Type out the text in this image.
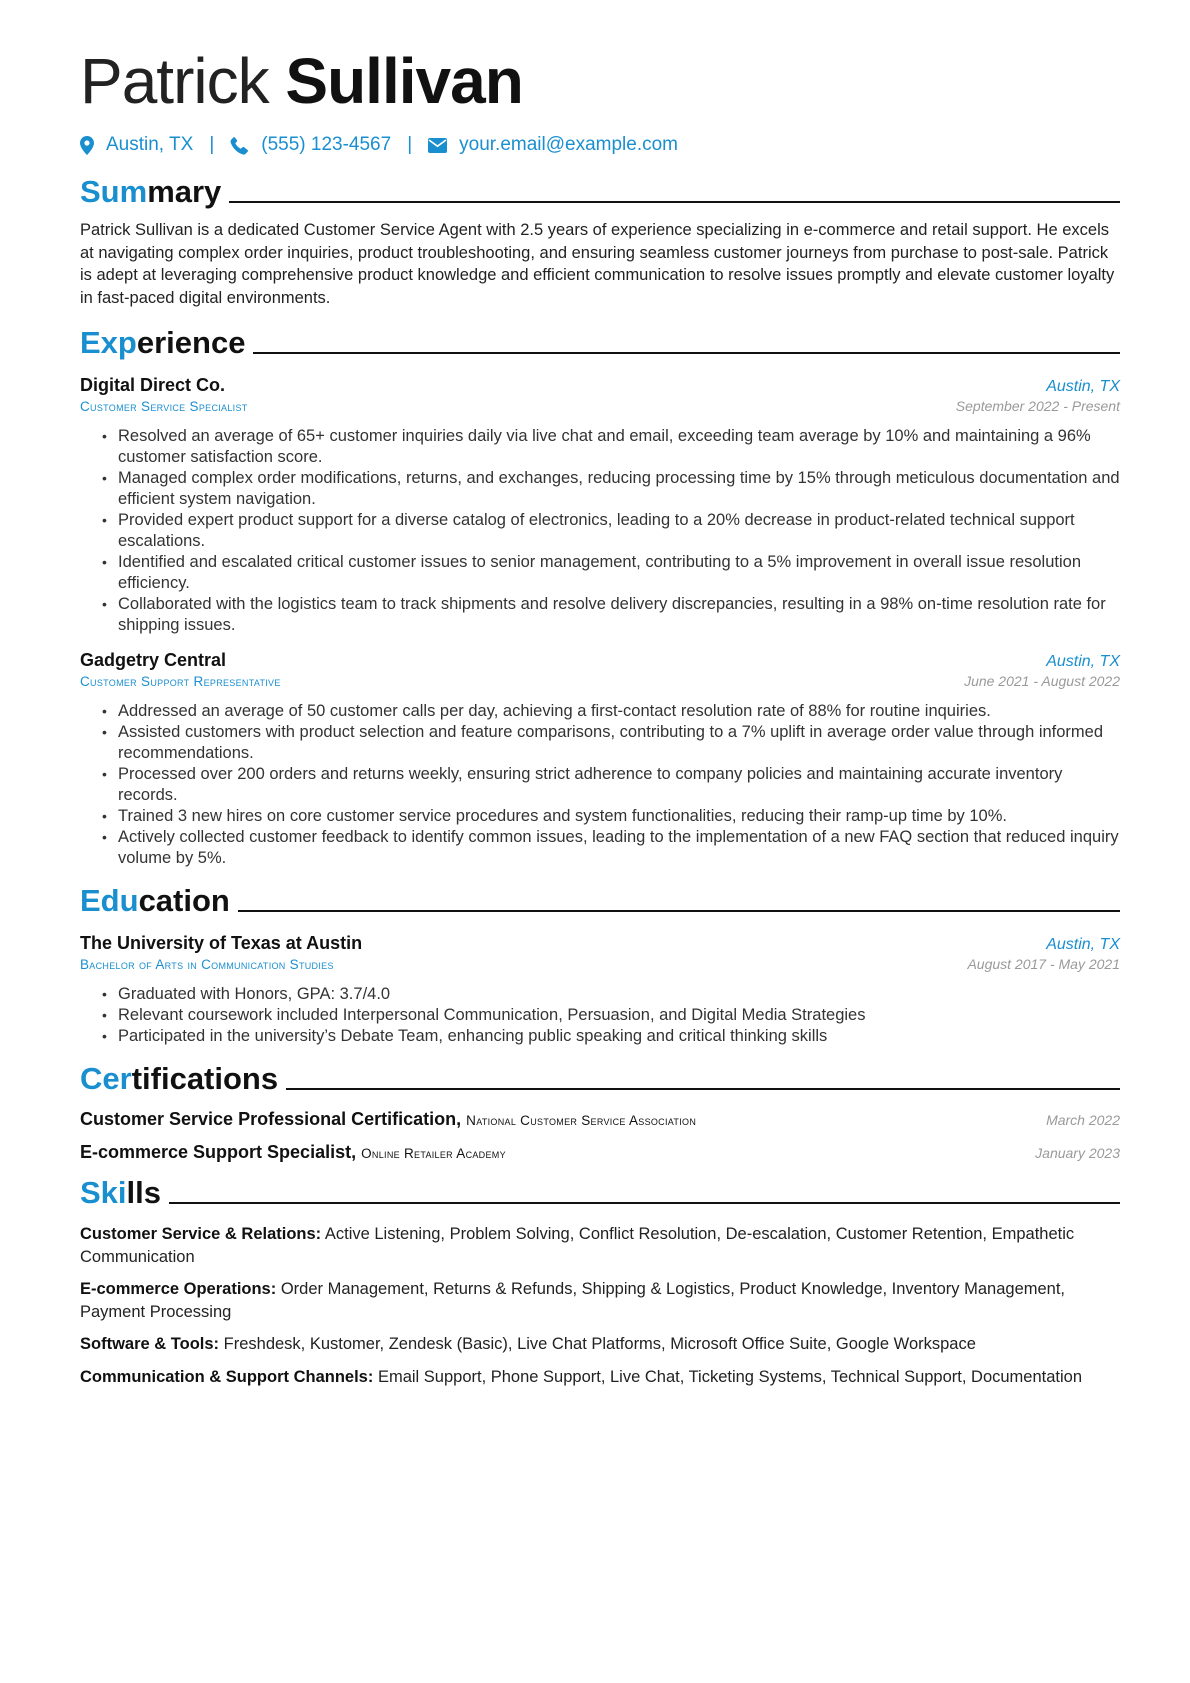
Patrick Sullivan
Austin, TX | (555) 123-4567 | your.email@example.com
Summary
Patrick Sullivan is a dedicated Customer Service Agent with 2.5 years of experience specializing in e-commerce and retail support. He excels at navigating complex order inquiries, product troubleshooting, and ensuring seamless customer journeys from purchase to post-sale. Patrick is adept at leveraging comprehensive product knowledge and efficient communication to resolve issues promptly and elevate customer loyalty in fast-paced digital environments.
Experience
Digital Direct Co.	Austin, TX
Customer Service Specialist	September 2022 - Present
• Resolved an average of 65+ customer inquiries daily via live chat and email, exceeding team average by 10% and maintaining a 96% customer satisfaction score.
• Managed complex order modifications, returns, and exchanges, reducing processing time by 15% through meticulous documentation and efficient system navigation.
• Provided expert product support for a diverse catalog of electronics, leading to a 20% decrease in product-related technical support escalations.
• Identified and escalated critical customer issues to senior management, contributing to a 5% improvement in overall issue resolution efficiency.
• Collaborated with the logistics team to track shipments and resolve delivery discrepancies, resulting in a 98% on-time resolution rate for shipping issues.
Gadgetry Central	Austin, TX
Customer Support Representative	June 2021 - August 2022
• Addressed an average of 50 customer calls per day, achieving a first-contact resolution rate of 88% for routine inquiries.
• Assisted customers with product selection and feature comparisons, contributing to a 7% uplift in average order value through informed recommendations.
• Processed over 200 orders and returns weekly, ensuring strict adherence to company policies and maintaining accurate inventory records.
• Trained 3 new hires on core customer service procedures and system functionalities, reducing their ramp-up time by 10%.
• Actively collected customer feedback to identify common issues, leading to the implementation of a new FAQ section that reduced inquiry volume by 5%.
Education
The University of Texas at Austin	Austin, TX
Bachelor of Arts in Communication Studies	August 2017 - May 2021
• Graduated with Honors, GPA: 3.7/4.0
• Relevant coursework included Interpersonal Communication, Persuasion, and Digital Media Strategies
• Participated in the university’s Debate Team, enhancing public speaking and critical thinking skills
Certifications
Customer Service Professional Certification, National Customer Service Association	March 2022
E-commerce Support Specialist, Online Retailer Academy	January 2023
Skills
Customer Service & Relations: Active Listening, Problem Solving, Conflict Resolution, De-escalation, Customer Retention, Empathetic Communication
E-commerce Operations: Order Management, Returns & Refunds, Shipping & Logistics, Product Knowledge, Inventory Management, Payment Processing
Software & Tools: Freshdesk, Kustomer, Zendesk (Basic), Live Chat Platforms, Microsoft Office Suite, Google Workspace
Communication & Support Channels: Email Support, Phone Support, Live Chat, Ticketing Systems, Technical Support, Documentation
